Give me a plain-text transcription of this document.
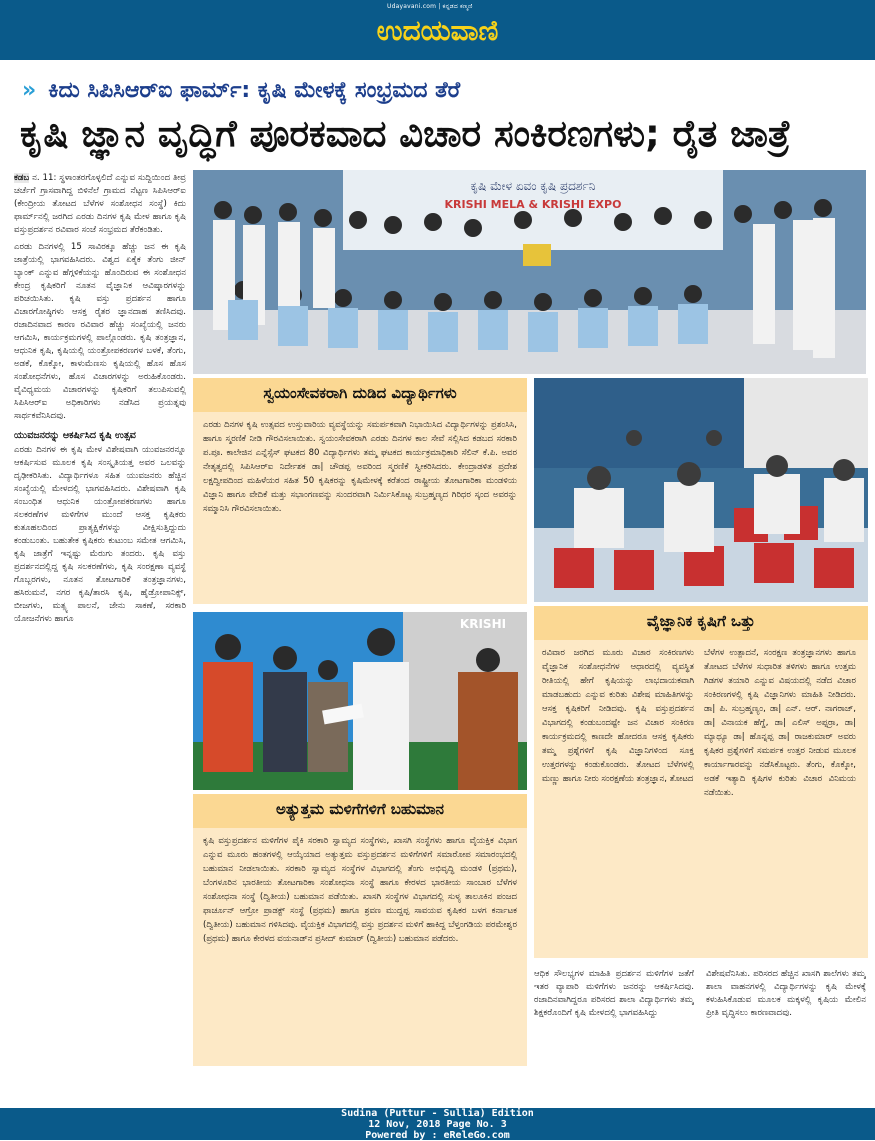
Udayavani.com | ಕನ್ನಡದ ಕಣ್ಮಣಿ
ಉದಯವಾಣಿ
» ಕಿದು ಸಿಪಿಸಿಆರ್‌ಐ ಫಾರ್ಮ್‌: ಕೃಷಿ ಮೇಳಕ್ಕೆ ಸಂಭ್ರಮದ ತೆರೆ
ಕೃಷಿ ಜ್ಞಾನ ವೃದ್ಧಿಗೆ ಪೂರಕವಾದ ವಿಚಾರ ಸಂಕಿರಣಗಳು; ರೈತ ಜಾತ್ರೆ

ಕಡಬ ನ. 11: ಸ್ಥಳಾಂತರಗೊಳ್ಳಲಿದೆ ಎನ್ನುವ ಸುದ್ದಿಯಿಂದ ತೀವ್ರ ಚರ್ಚೆಗೆ ಗ್ರಾಸವಾಗಿದ್ದ ಬಿಳಿನೆಲೆ ಗ್ರಾಮದ ನೆಟ್ಟಣ ಸಿಪಿಸಿಆರ್‌ಐ (ಕೇಂದ್ರೀಯ ತೋಟದ ಬೆಳೆಗಳ ಸಂಶೋಧನ ಸಂಸ್ಥೆ) ಕಿದು ಫಾರ್ಮ್‌ನಲ್ಲಿ ಜರಗಿದ ಎರಡು ದಿನಗಳ ಕೃಷಿ ಮೇಳ ಹಾಗೂ ಕೃಷಿ ವಸ್ತುಪ್ರದರ್ಶನ ರವಿವಾರ ಸಂಜೆ ಸಂಭ್ರಮದ ತೆರೆಕಂಡಿತು.

ಎರಡು ದಿನಗಳಲ್ಲಿ 15 ಸಾವಿರಕ್ಕೂ ಹೆಚ್ಚು ಜನ ಈ ಕೃಷಿ ಜಾತ್ರೆಯಲ್ಲಿ ಭಾಗವಹಿಸಿದರು. ವಿಶ್ವದ ಏಕೈಕ ತೆಂಗು ಜೀನ್ ಬ್ಯಾಂಕ್ ಎನ್ನುವ ಹೆಗ್ಗಳಿಕೆಯನ್ನು ಹೊಂದಿರುವ ಈ ಸಂಶೋಧನ ಕೇಂದ್ರ ಕೃಷಿಕರಿಗೆ ನೂತನ ವೈಜ್ಞಾನಿಕ ಆವಿಷ್ಕಾರಗಳನ್ನು ಪರಿಚಯಿಸಿತು. ಕೃಷಿ ವಸ್ತು ಪ್ರದರ್ಶನ ಹಾಗೂ ವಿಚಾರಗೋಷ್ಠಿಗಳು ಆಸಕ್ತ ರೈತರ ಜ್ಞಾನದಾಹ ತಣಿಸಿದವು. ರಜಾದಿನವಾದ ಕಾರಣ ರವಿವಾರ ಹೆಚ್ಚು ಸಂಖ್ಯೆಯಲ್ಲಿ ಜನರು ಆಗಮಿಸಿ, ಕಾರ್ಯಕ್ರಮಗಳಲ್ಲಿ ಪಾಲ್ಗೊಂಡರು. ಕೃಷಿ ತಂತ್ರಜ್ಞಾನ, ಆಧುನಿಕ ಕೃಷಿ, ಕೃಷಿಯಲ್ಲಿ ಯಂತ್ರೋಪಕರಣಗಳ ಬಳಕೆ, ತೆಂಗು, ಅಡಕೆ, ಕೊಕ್ಕೋ, ಕಾಳುಮೆಣಸು ಕೃಷಿಯಲ್ಲಿ ಹೊಸ ಹೊಸ ಸಂಶೋಧನೆಗಳು, ಹೊಸ ವಿಚಾರಗಳನ್ನು ಅರುಹಿಕೊಂಡರು. ವೈವಿಧ್ಯಮಯ ವಿಚಾರಗಳನ್ನು ಕೃಷಿಕರಿಗೆ ತಲುಪಿಸುವಲ್ಲಿ ಸಿಪಿಸಿಆರ್‌ಐ ಅಧಿಕಾರಿಗಳು ನಡೆಸಿದ ಪ್ರಯತ್ನವು ಸಾರ್ಥಕವೆನಿಸಿದವು.

ಯುವಜನರನ್ನು ಆಕರ್ಷಿಸಿದ ಕೃಷಿ ಉತ್ಸವ

ಎರಡು ದಿನಗಳ ಈ ಕೃಷಿ ಮೇಳ ವಿಶೇಷವಾಗಿ ಯುವಜನರನ್ನೂ ಆಕರ್ಷಿಸುವ ಮೂಲಕ ಕೃಷಿ ಸಂಸ್ಕೃತಿಯತ್ತ ಅವರ ಒಲವನ್ನು ದೃಢೀಕರಿಸಿತು. ವಿದ್ಯಾರ್ಥಿಗಳೂ ಸಹಿತ ಯುವಜನರು ಹೆಚ್ಚಿನ ಸಂಖ್ಯೆಯಲ್ಲಿ ಮೇಳದಲ್ಲಿ ಭಾಗವಹಿಸಿದರು. ವಿಶೇಷವಾಗಿ ಕೃಷಿ ಸಂಬಂಧಿತ ಆಧುನಿಕ ಯಂತ್ರೋಪಕರಣಗಳು ಹಾಗೂ ಸಲಕರಣೆಗಳ ಮಳಿಗೆಗಳ ಮುಂದೆ ಆಸಕ್ತ ಕೃಷಿಕರು ಕುತೂಹಲದಿಂದ ಪ್ರಾತ್ಯಕ್ಷಿಕೆಗಳನ್ನು ವೀಕ್ಷಿಸುತ್ತಿದ್ದುದು ಕಂಡುಬಂತು. ಬಹುತೇಕ ಕೃಷಿಕರು ಕುಟುಂಬ ಸಮೇತ ಆಗಮಿಸಿ, ಕೃಷಿ ಜಾತ್ರೆಗೆ ಇನ್ನಷ್ಟು ಮೆರುಗು ತಂದರು. ಕೃಷಿ ವಸ್ತು ಪ್ರದರ್ಶನದಲ್ಲಿದ್ದ ಕೃಷಿ ಸಲಕರಣೆಗಳು, ಕೃಷಿ ಸಂರಕ್ಷಣಾ ವ್ಯವಸ್ಥೆ ಗೊಬ್ಬರಗಳು, ನೂತನ ತೋಟಗಾರಿಕೆ ತಂತ್ರಜ್ಞಾನಗಳು, ಹಸಿರುಮನೆ, ನಗರ ಕೃಷಿ/ತಾರಸಿ ಕೃಷಿ, ಹೈಡ್ರೋಪಾನಿಕ್ಸ್, ಬೀಜಗಳು, ಮತ್ಸ್ಯ ಪಾಲನೆ, ಜೇನು ಸಾಕಣೆ, ಸರಕಾರಿ ಯೋಜನೆಗಳು ಹಾಗೂ

ಕೃಷಿ ಮೇಳ ಏವಂ ಕೃಷಿ ಪ್ರದರ್ಶನಿ
KRISHI MELA & KRISHI EXPO
ಸ್ವಯಂಸೇವಕರಾಗಿ ದುಡಿದ ವಿದ್ಯಾರ್ಥಿಗಳು
ಎರಡು ದಿನಗಳ ಕೃಷಿ ಉತ್ಸವದ ಉಸ್ತುವಾರಿಯ ವ್ಯವಸ್ಥೆಯನ್ನು ಸಮರ್ಪಕವಾಗಿ ನಿಭಾಯಿಸಿದ ವಿದ್ಯಾರ್ಥಿಗಳನ್ನು ಪ್ರಶಂಸಿಸಿ, ಹಾಗೂ ಸ್ಮರಣಿಕೆ ನೀಡಿ ಗೌರವಿಸಲಾಯಿತು. ಸ್ವಯಂಸೇವಕರಾಗಿ ಎರಡು ದಿನಗಳ ಕಾಲ ಸೇವೆ ಸಲ್ಲಿಸಿದ ಕಡಬದ ಸರಕಾರಿ ಪ.ಪೂ. ಕಾಲೇಜಿನ ಎನ್ನೆಸ್ಸೆಸ್ ಘಟಕದ 80 ವಿದ್ಯಾರ್ಥಿಗಳು ತಮ್ಮ ಘಟಕದ ಕಾರ್ಯಕ್ರಮಾಧಿಕಾರಿ ಸೆಲಿನ್ ಕೆ.ಪಿ. ಅವರ ನೇತೃತ್ವದಲ್ಲಿ ಸಿಪಿಸಿಆರ್‌ಐ ನಿರ್ದೇಶಕ ಡಾ| ಚೌಡಪ್ಪ ಅವರಿಂದ ಸ್ಮರಣಿಕೆ ಸ್ವೀಕರಿಸಿದರು. ಕೇಂದ್ರಾಡಳಿತ ಪ್ರದೇಶ ಲಕ್ಷದ್ವೀಪದಿಂದ ಮಹಿಳೆಯರ ಸಹಿತ 50 ಕೃಷಿಕರನ್ನು ಕೃಷಿಮೇಳಕ್ಕೆ ಕರೆತಂದ ರಾಷ್ಟ್ರೀಯ ತೋಟಗಾರಿಕಾ ಮಂಡಳಿಯ ವಿಜ್ಞಾನಿ ಹಾಗೂ ವೇದಿಕೆ ಮತ್ತು ಸಭಾಂಗಣವನ್ನು ಸುಂದರವಾಗಿ ನಿರ್ಮಿಸಿಕೊಟ್ಟ ಸುಬ್ರಹ್ಮಣ್ಯದ ಗಿರಿಧರ ಸ್ಕಂದ ಅವರನ್ನು ಸಮ್ಮಾನಿಸಿ ಗೌರವಿಸಲಾಯಿತು.
KRISHI
ಅತ್ಯುತ್ತಮ ಮಳಿಗೆಗಳಿಗೆ ಬಹುಮಾನ
ಕೃಷಿ ವಸ್ತುಪ್ರದರ್ಶನ ಮಳಿಗೆಗಳ ಪೈಕಿ ಸರಕಾರಿ ಸ್ವಾಮ್ಯದ ಸಂಸ್ಥೆಗಳು, ಖಾಸಗಿ ಸಂಸ್ಥೆಗಳು ಹಾಗೂ ವೈಯಕ್ತಿಕ ವಿಭಾಗ ಎನ್ನುವ ಮೂರು ಹಂತಗಳಲ್ಲಿ ಆಯ್ಕೆಯಾದ ಅತ್ಯುತ್ತಮ ವಸ್ತುಪ್ರದರ್ಶನ ಮಳಿಗೆಗಳಿಗೆ ಸಮಾರೋಪ ಸಮಾರಂಭದಲ್ಲಿ ಬಹುಮಾನ ನೀಡಲಾಯಿತು. ಸರಕಾರಿ ಸ್ವಾಮ್ಯದ ಸಂಸ್ಥೆಗಳ ವಿಭಾಗದಲ್ಲಿ ತೆಂಗು ಅಭಿವೃದ್ಧಿ ಮಂಡಳಿ (ಪ್ರಥಮ), ಬೆಂಗಳೂರಿನ ಭಾರತೀಯ ತೋಟಗಾರಿಕಾ ಸಂಶೋಧನಾ ಸಂಸ್ಥೆ ಹಾಗೂ ಕೇರಳದ ಭಾರತೀಯ ಸಾಂಬಾರ ಬೆಳೆಗಳ ಸಂಶೋಧನಾ ಸಂಸ್ಥೆ (ದ್ವಿತೀಯ) ಬಹುಮಾನ ಪಡೆಯಿತು. ಖಾಸಗಿ ಸಂಸ್ಥೆಗಳ ವಿಭಾಗದಲ್ಲಿ ಸುಳ್ಯ ತಾಲೂಕಿನ ಪಂಜದ ಫಾರ್ಚೂನ್ ಆಗ್ರೋ ಪ್ರಾಡಕ್ಟ್ ಸಂಸ್ಥೆ (ಪ್ರಥಮ) ಹಾಗೂ ಶ್ರವಣ ಮುದ್ದಪ್ಪ ಸಾವಯವ ಕೃಷಿಕರ ಬಳಗ ಕರ್ನಾಟಕ (ದ್ವಿತೀಯ) ಬಹುಮಾನ ಗಳಿಸಿದವು. ವೈಯಕ್ತಿಕ ವಿಭಾಗದಲ್ಲಿ ವಸ್ತು ಪ್ರದರ್ಶನ ಮಳಿಗೆ ಹಾಕಿದ್ದ ಬೆಳ್ತಂಗಡಿಯ ಪರಮೇಶ್ವರ (ಪ್ರಥಮ) ಹಾಗೂ ಕೇರಳದ ವಯನಾಡ್‌ನ ಪ್ರಸೀದ್ ಕುಮಾರ್ (ದ್ವಿತೀಯ) ಬಹುಮಾನ ಪಡೆದರು.
ವೈಜ್ಞಾನಿಕ ಕೃಷಿಗೆ ಒತ್ತು
ರವಿವಾರ ಜರಗಿದ ಮೂರು ವಿಚಾರ ಸಂಕಿರಣಗಳು ವೈಜ್ಞಾನಿಕ ಸಂಶೋಧನೆಗಳ ಆಧಾರದಲ್ಲಿ ವ್ಯವಸ್ಥಿತ ರೀತಿಯಲ್ಲಿ ಹೇಗೆ ಕೃಷಿಯನ್ನು ಲಾಭದಾಯಕವಾಗಿ ಮಾಡಬಹುದು ಎನ್ನುವ ಕುರಿತು ವಿಶೇಷ ಮಾಹಿತಿಗಳನ್ನು ಆಸಕ್ತ ಕೃಷಿಕರಿಗೆ ನೀಡಿದವು. ಕೃಷಿ ವಸ್ತುಪ್ರದರ್ಶನ ವಿಭಾಗದಲ್ಲಿ ಕಂಡುಬಂದಷ್ಟೇ ಜನ ವಿಚಾರ ಸಂಕಿರಣ ಕಾರ್ಯಕ್ರಮದಲ್ಲಿ ಕಾಣದೇ ಹೋದರೂ ಆಸಕ್ತ ಕೃಷಿಕರು ತಮ್ಮ ಪ್ರಶ್ನೆಗಳಿಗೆ ಕೃಷಿ ವಿಜ್ಞಾನಿಗಳಿಂದ ಸೂಕ್ತ ಉತ್ತರಗಳನ್ನು ಕಂಡುಕೊಂಡರು. ತೋಟದ ಬೆಳೆಗಳಲ್ಲಿ ಮಣ್ಣು ಹಾಗೂ ನೀರು ಸಂರಕ್ಷಣೆಯ ತಂತ್ರಜ್ಞಾನ, ತೋಟದ
ಬೆಳೆಗಳ ಉತ್ಪಾದನೆ, ಸಂರಕ್ಷಣ ತಂತ್ರಜ್ಞಾನಗಳು ಹಾಗೂ ತೋಟದ ಬೆಳೆಗಳ ಸುಧಾರಿತ ತಳಿಗಳು ಹಾಗೂ ಉತ್ತಮ ಗಿಡಗಳ ತಯಾರಿ ಎನ್ನುವ ವಿಷಯದಲ್ಲಿ ನಡೆದ ವಿಚಾರ ಸಂಕಿರಣಗಳಲ್ಲಿ ಕೃಷಿ ವಿಜ್ಞಾನಿಗಳು ಮಾಹಿತಿ ನೀಡಿದರು. ಡಾ| ಪಿ. ಸುಬ್ರಹ್ಮಣ್ಯಂ, ಡಾ| ಎನ್. ಆರ್. ನಾಗರಾಜ್, ಡಾ| ವಿನಾಯಕ ಹೆಗ್ಡೆ, ಡಾ| ಎಲಿಸ್ ಅಪ್ಪರ್ರಾ, ಡಾ| ಮ್ಯಾಥ್ಯೂ ಡಾ| ಹೊನ್ನಪ್ಪ ಡಾ| ರಾಜಕುಮಾರ್ ಅವರು ಕೃಷಿಕರ ಪ್ರಶ್ನೆಗಳಿಗೆ ಸಮರ್ಪಕ ಉತ್ತರ ನೀಡುವ ಮೂಲಕ ಕಾರ್ಯಾಗಾರವನ್ನು ನಡೆಸಿಕೊಟ್ಟರು. ತೆಂಗು, ಕೊಕ್ಕೋ, ಅಡಕೆ ಇತ್ಯಾದಿ ಕೃಷಿಗಳ ಕುರಿತು ವಿಚಾರ ವಿನಿಮಯ ನಡೆಯಿತು.
ಆಧಿಕ ಸೌಲಭ್ಯಗಳ ಮಾಹಿತಿ ಪ್ರದರ್ಶನ ಮಳಿಗೆಗಳ ಜತೆಗೆ ಇತರ ವ್ಯಾಪಾರಿ ಮಳಿಗೆಗಳು ಜನರನ್ನು ಆಕರ್ಷಿಸಿದವು. ರಜಾದಿನವಾಗಿದ್ದರೂ ಪರಿಸರದ ಶಾಲಾ ವಿದ್ಯಾರ್ಥಿಗಳು ತಮ್ಮ ಶಿಕ್ಷಕರೊಂದಿಗೆ ಕೃಷಿ ಮೇಳದಲ್ಲಿ ಭಾಗವಹಿಸಿದ್ದು
ವಿಶೇಷವೆನಿಸಿತು. ಪರಿಸರದ ಹೆಚ್ಚಿನ ಖಾಸಗಿ ಶಾಲೆಗಳು ತಮ್ಮ ಶಾಲಾ ವಾಹನಗಳಲ್ಲಿ ವಿದ್ಯಾರ್ಥಿಗಳನ್ನು ಕೃಷಿ ಮೇಳಕ್ಕೆ ಕಳುಹಿಸಿಕೊಡುವ ಮೂಲಕ ಮಕ್ಕಳಲ್ಲಿ ಕೃಷಿಯ ಮೇಲಿನ ಪ್ರೀತಿ ವೃದ್ಧಿಸಲು ಕಾರಣವಾದವು.
Sudina (Puttur - Sullia) Edition
12 Nov, 2018 Page No. 3
Powered by : eReleGo.com
